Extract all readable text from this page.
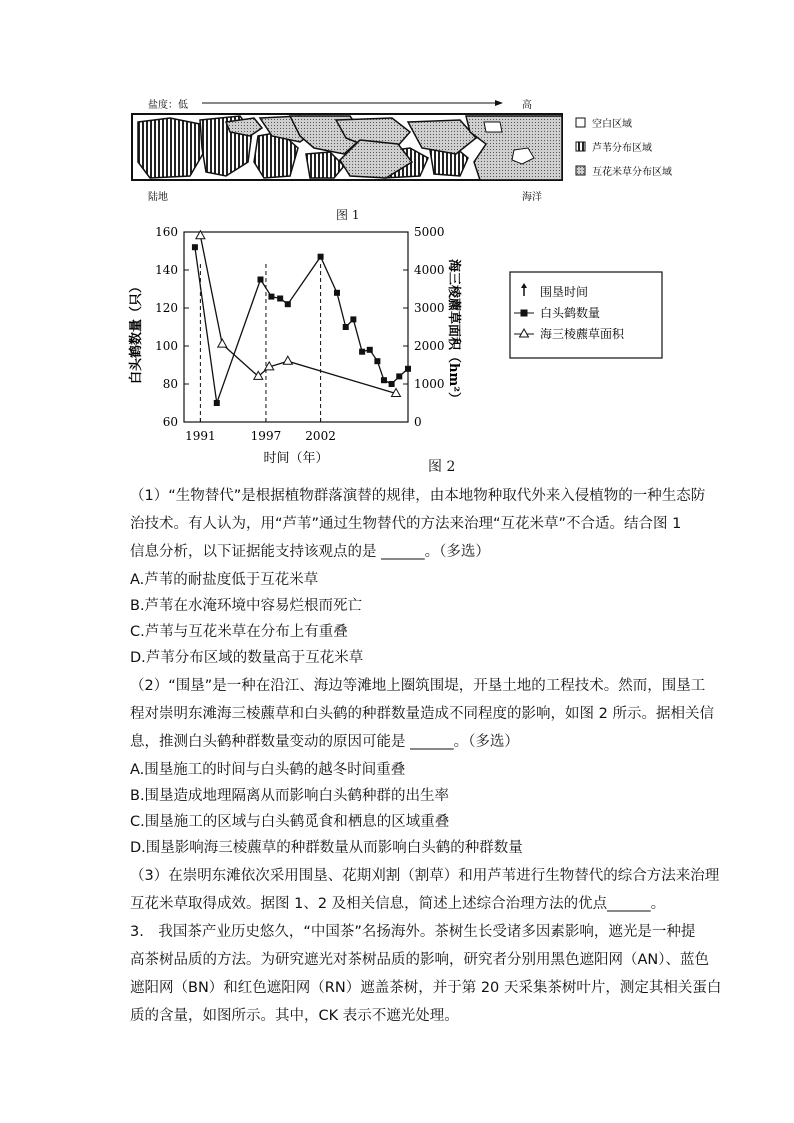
盐度：低	高
陆地	海洋
空白区域
芦苇分布区域
互花米草分布区域
图 1
白头鹤数量（只）	海三棱藨草面积（hm²）
时间（年）
60
80
100
120
140
160
0
1000
2000
3000
4000
5000
1991	1997 2002
围垦时间
白头鹤数量
海三棱藨草面积
图 2
（1）“生物替代”是根据植物群落演替的规律，由本地物种取代外来入侵植物的一种生态防
治技术。有人认为，用“芦苇”通过生物替代的方法来治理“互花米草”不合适。结合图 1
信息分析，以下证据能支持该观点的是 ______。（多选）
A.芦苇的耐盐度低于互花米草
B.芦苇在水淹环境中容易烂根而死亡
C.芦苇与互花米草在分布上有重叠
D.芦苇分布区域的数量高于互花米草
（2）“围垦”是一种在沿江、海边等滩地上圈筑围堤，开垦土地的工程技术。然而，围垦工
程对崇明东滩海三棱藨草和白头鹤的种群数量造成不同程度的影响，如图 2 所示。据相关信
息，推测白头鹤种群数量变动的原因可能是 ______。（多选）
A.围垦施工的时间与白头鹤的越冬时间重叠
B.围垦造成地理隔离从而影响白头鹤种群的出生率
C.围垦施工的区域与白头鹤觅食和栖息的区域重叠
D.围垦影响海三棱藨草的种群数量从而影响白头鹤的种群数量
（3）在崇明东滩依次采用围垦、花期刈割（割草）和用芦苇进行生物替代的综合方法来治理
互花米草取得成效。据图 1、2 及相关信息，简述上述综合治理方法的优点______。
3.　我国茶产业历史悠久，“中国茶”名扬海外。茶树生长受诸多因素影响，遮光是一种提
高茶树品质的方法。为研究遮光对茶树品质的影响，研究者分别用黑色遮阳网（AN）、蓝色
遮阳网（BN）和红色遮阳网（RN）遮盖茶树，并于第 20 天采集茶树叶片，测定其相关蛋白
质的含量，如图所示。其中，CK 表示不遮光处理。
